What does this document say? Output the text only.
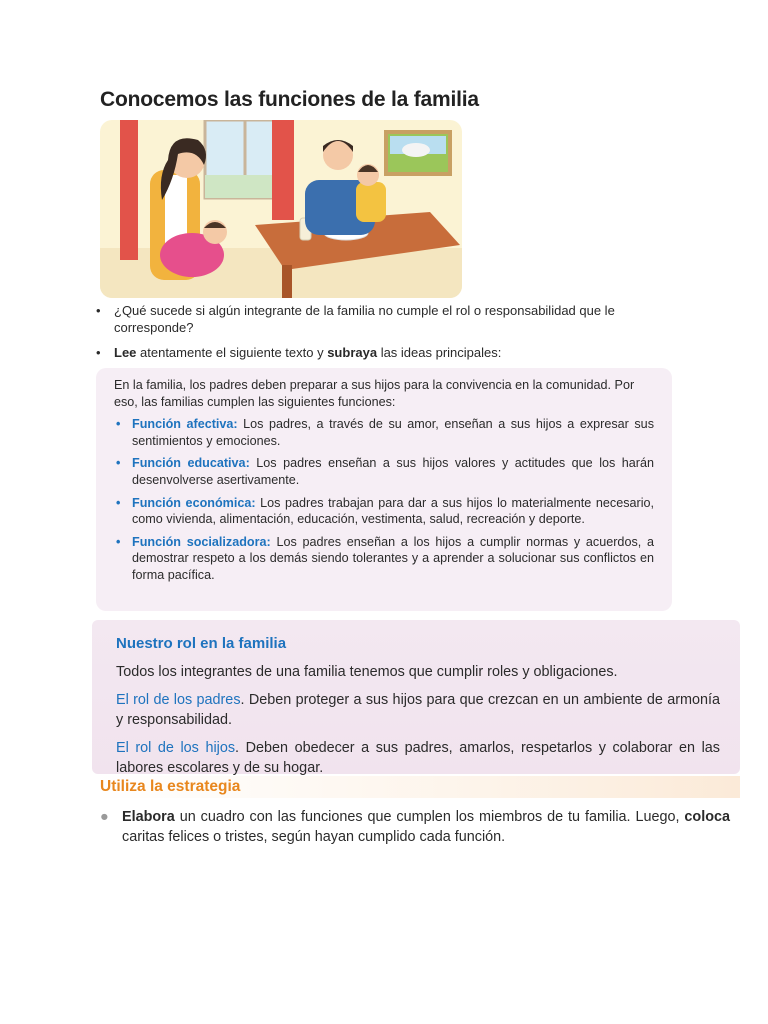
Conocemos las funciones de la familia
• ¿Qué sucede si algún integrante de la familia no cumple el rol o responsabilidad que le corresponde?
• Lee atentamente el siguiente texto y subraya las ideas principales:

En la familia, los padres deben preparar a sus hijos para la convivencia en la comunidad. Por eso, las familias cumplen las siguientes funciones:

• Función afectiva: Los padres, a través de su amor, enseñan a sus hijos a expresar sus sentimientos y emociones.
• Función educativa: Los padres enseñan a sus hijos valores y actitudes que los harán desenvolverse asertivamente.
• Función económica: Los padres trabajan para dar a sus hijos lo materialmente necesario, como vivienda, alimentación, educación, vestimenta, salud, recreación y deporte.
• Función socializadora: Los padres enseñan a los hijos a cumplir normas y acuerdos, a demostrar respeto a los demás siendo tolerantes y a aprender a solucionar sus conflictos en forma pacífica.
Nuestro rol en la familia

Todos los integrantes de una familia tenemos que cumplir roles y obligaciones.

El rol de los padres. Deben proteger a sus hijos para que crezcan en un ambiente de armonía y responsabilidad.

El rol de los hijos. Deben obedecer a sus padres, amarlos, respetarlos y colaborar en las labores escolares y de su hogar.

Utiliza la estrategia
● Elabora un cuadro con las funciones que cumplen los miembros de tu familia. Luego, coloca caritas felices o tristes, según hayan cumplido cada función.
